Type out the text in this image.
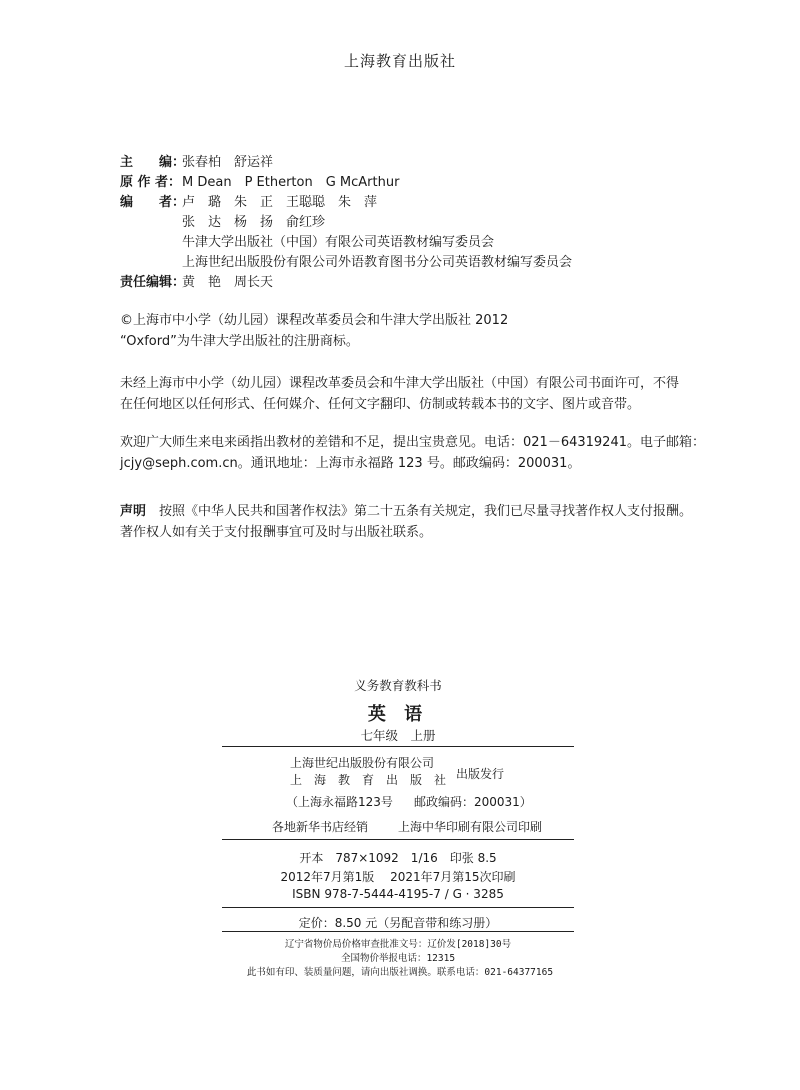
上海教育出版社
主　　编：张春柏　舒运祥
原 作 者：M Dean　P Etherton　G McArthur
编　　者：
卢　璐　朱　正　王聪聪　朱　萍
张　达　杨　扬　俞红珍
牛津大学出版社（中国）有限公司英语教材编写委员会
上海世纪出版股份有限公司外语教育图书分公司英语教材编写委员会
责任编辑：黄　艳　周长天
©上海市中小学（幼儿园）课程改革委员会和牛津大学出版社 2012
“Oxford”为牛津大学出版社的注册商标。
未经上海市中小学（幼儿园）课程改革委员会和牛津大学出版社（中国）有限公司书面许可，不得
在任何地区以任何形式、任何媒介、任何文字翻印、仿制或转载本书的文字、图片或音带。
欢迎广大师生来电来函指出教材的差错和不足，提出宝贵意见。电话：021－64319241。电子邮箱：
jcjy@seph.com.cn。通讯地址：上海市永福路 123 号。邮政编码：200031。
声明　 按照《中华人民共和国著作权法》第二十五条有关规定，我们已尽量寻找著作权人支付报酬。
著作权人如有关于支付报酬事宜可及时与出版社联系。
义务教育教科书
英 语
七年级　上册
上海世纪出版股份有限公司
上　海　教　育　出　版　社 出版发行
（上海永福路123号 邮政编码：200031）
各地新华书店经销 上海中华印刷有限公司印刷
开本　787×1092　1/16　印张 8.5
2012年7月第1版　 2021年7月第15次印刷
ISBN 978-7-5444-4195-7 / G · 3285
定价：8.50 元（另配音带和练习册）
辽宁省物价局价格审查批准文号：辽价发[2018]30号
全国物价举报电话：12315
此书如有印、装质量问题，请向出版社调换。联系电话：021-64377165
